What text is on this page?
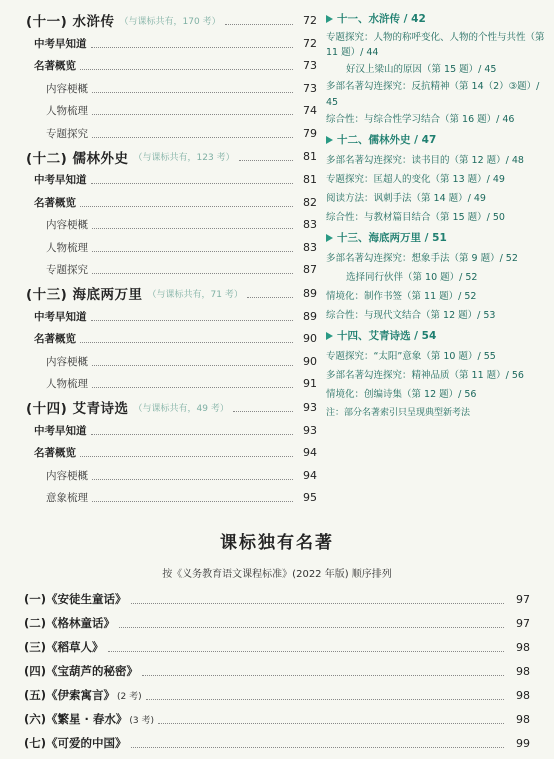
(十一) 水浒传 （与课标共有，170 考）	72
中考早知道	72
名著概览	73
内容梗概	73
人物梳理	74
专题探究	79
(十二) 儒林外史 （与课标共有，123 考）	81
中考早知道	81
名著概览	82
内容梗概	83
人物梳理	83
专题探究	87
(十三) 海底两万里 （与课标共有，71 考）	89
中考早知道	89
名著概览	90
内容梗概	90
人物梳理	91
(十四) 艾青诗选 （与课标共有，49 考）	93
中考早知道	93
名著概览	94
内容梗概	94
意象梳理	95
十一、水浒传 / 42
专题探究：人物的称呼变化、人物的个性与共性（第 11 题）/ 44
好汉上梁山的原因（第 15 题）/ 45
多部名著勾连探究：反抗精神（第 14（2）③题）/ 45
综合性：与综合性学习结合（第 16 题）/ 46
十二、儒林外史 / 47
多部名著勾连探究：读书目的（第 12 题）/ 48
专题探究：匡超人的变化（第 13 题）/ 49
阅读方法：讽刺手法（第 14 题）/ 49
综合性：与教材篇目结合（第 15 题）/ 50
十三、海底两万里 / 51
多部名著勾连探究：想象手法（第 9 题）/ 52
选择同行伙伴（第 10 题）/ 52
情境化：制作书签（第 11 题）/ 52
综合性：与现代文结合（第 12 题）/ 53
十四、艾青诗选 / 54
专题探究：“太阳”意象（第 10 题）/ 55
多部名著勾连探究：精神品质（第 11 题）/ 56
情境化：创编诗集（第 12 题）/ 56
注：部分名著索引只呈现典型新考法
课标独有名著
按《义务教育语文课程标准》(2022 年版) 顺序排列
(一)《安徒生童话》	97
(二)《格林童话》	97
(三)《稻草人》	98
(四)《宝葫芦的秘密》	98
(五)《伊索寓言》 (2 考)	98
(六)《繁星 · 春水》 (3 考)	98
(七)《可爱的中国》	99
